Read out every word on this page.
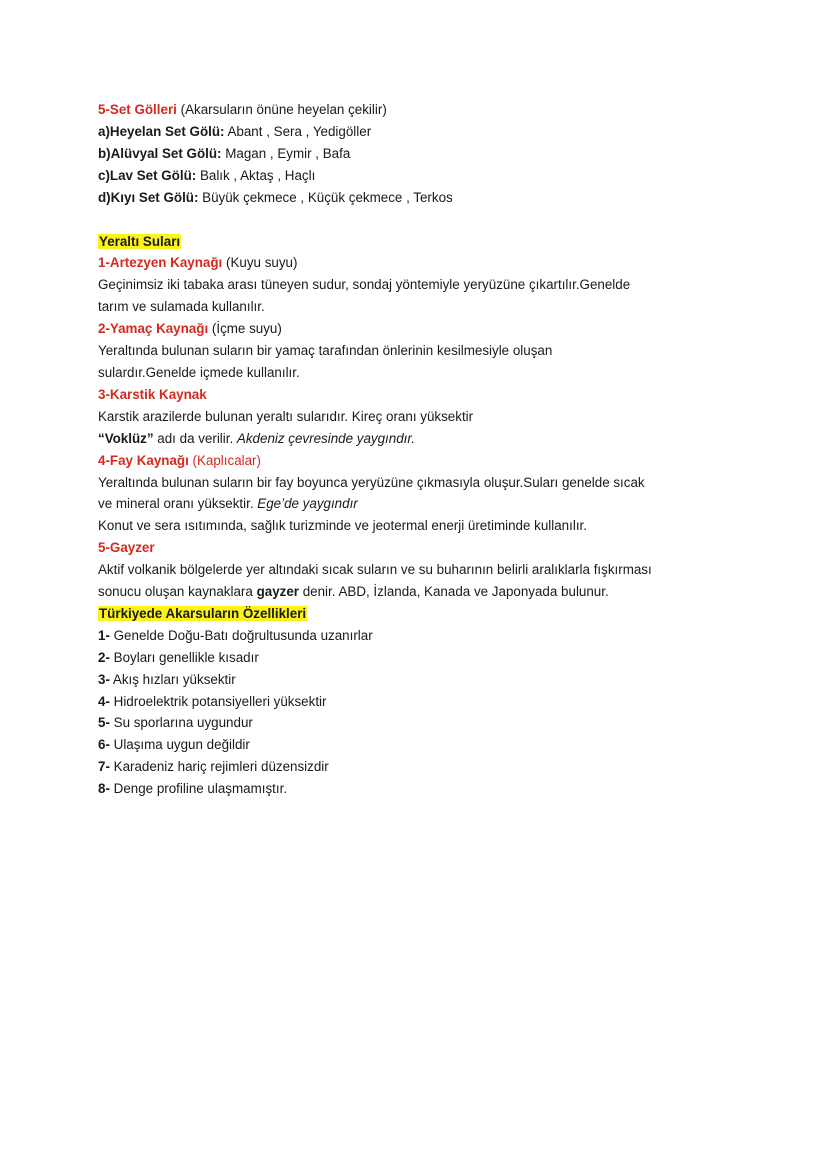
5-Set Gölleri (Akarsuların önüne heyelan çekilir)
a)Heyelan Set Gölü: Abant , Sera , Yedigöller
b)Alüvyal Set Gölü: Magan , Eymir , Bafa
c)Lav Set Gölü: Balık , Aktaş , Haçlı
d)Kıyı Set Gölü: Büyük çekmece , Küçük çekmece , Terkos
Yeraltı Suları
1-Artezyen Kaynağı (Kuyu suyu)
Geçinimsiz iki tabaka arası tüneyen sudur, sondaj yöntemiyle yeryüzüne çıkartılır.Genelde
tarım ve sulamada kullanılır.
2-Yamaç Kaynağı (İçme suyu)
Yeraltında bulunan suların bir yamaç tarafından önlerinin kesilmesiyle oluşan
sulardır.Genelde içmede kullanılır.
3-Karstik Kaynak
Karstik arazilerde bulunan yeraltı sularıdır. Kireç oranı yüksektir
“Voklüz” adı da verilir. Akdeniz çevresinde yaygındır.
4-Fay Kaynağı (Kaplıcalar)
Yeraltında bulunan suların bir fay boyunca yeryüzüne çıkmasıyla oluşur.Suları genelde sıcak
ve mineral oranı yüksektir. Ege’de yaygındır
Konut ve sera ısıtımında, sağlık turizminde ve jeotermal enerji üretiminde kullanılır.
5-Gayzer
Aktif volkanik bölgelerde yer altındaki sıcak suların ve su buharının belirli aralıklarla fışkırması
sonucu oluşan kaynaklara gayzer denir. ABD, İzlanda, Kanada ve Japonyada bulunur.
Türkiyede Akarsuların Özellikleri
1- Genelde Doğu-Batı doğrultusunda uzanırlar
2- Boyları genellikle kısadır
3- Akış hızları yüksektir
4- Hidroelektrik potansiyelleri yüksektir
5- Su sporlarına uygundur
6- Ulaşıma uygun değildir
7- Karadeniz hariç rejimleri düzensizdir
8- Denge profiline ulaşmamıştır.
